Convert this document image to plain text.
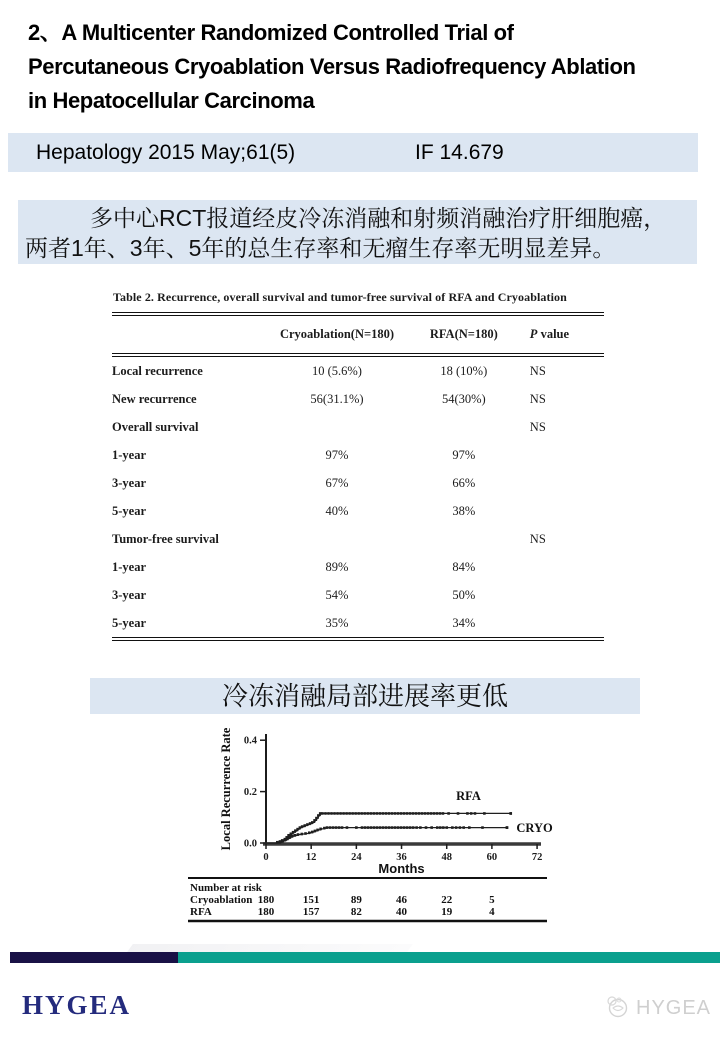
2、A Multicenter Randomized Controlled Trial of
Percutaneous Cryoablation Versus Radiofrequency Ablation
in Hepatocellular Carcinoma
Hepatology 2015 May;61(5)	IF 14.679
多中心RCT报道经皮冷冻消融和射频消融治疗肝细胞癌，
两者1年、3年、5年的总生存率和无瘤生存率无明显差异。
Table 2. Recurrence, overall survival and tumor-free survival of RFA and Cryoablation
	Cryoablation(N=180)	RFA(N=180)	P value
Local recurrence	10 (5.6%)	18 (10%)	NS
New recurrence	56(31.1%)	54(30%)	NS
Overall survival			NS
1-year	97%	97%	
3-year	67%	66%	
5-year	40%	38%	
Tumor-free survival			NS
1-year	89%	84%	
3-year	54%	50%	
5-year	35%	34%	
冷冻消融局部进展率更低
0.0
0.2
0.4
0	12	24	36	48	60	72
Months
Local Recurrence Rate	RFA
CRYO
Number at risk
Cryoablation 180	151	89	46	22	5
RFA	180	157	82	40	19	4
HYGEA	HYGEA
